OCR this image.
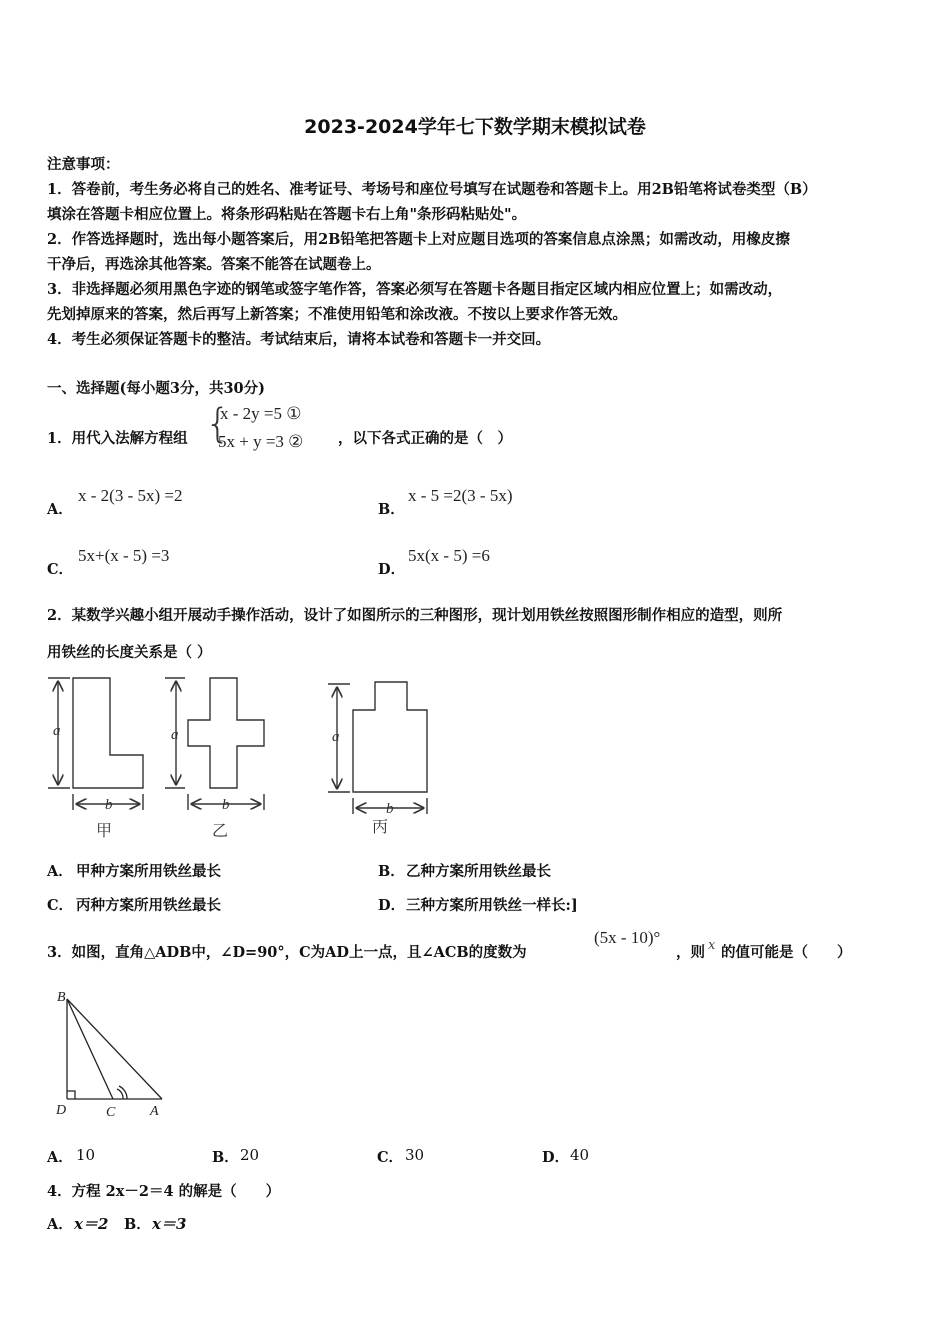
2023-2024学年七下数学期末模拟试卷
注意事项：
1．答卷前，考生务必将自己的姓名、准考证号、考场号和座位号填写在试题卷和答题卡上。用2B铅笔将试卷类型（B）
填涂在答题卡相应位置上。将条形码粘贴在答题卡右上角"条形码粘贴处"。
2．作答选择题时，选出每小题答案后，用2B铅笔把答题卡上对应题目选项的答案信息点涂黑；如需改动，用橡皮擦
干净后，再选涂其他答案。答案不能答在试题卷上。
3．非选择题必须用黑色字迹的钢笔或签字笔作答，答案必须写在答题卡各题目指定区域内相应位置上；如需改动，
先划掉原来的答案，然后再写上新答案；不准使用铅笔和涂改液。不按以上要求作答无效。
4．考生必须保证答题卡的整洁。考试结束后，请将本试卷和答题卡一并交回。
一、选择题(每小题3分，共30分)
1．用代入法解方程组 {
x - 2y =5 ①
5x + y =3 ② ，以下各式正确的是（　）
A．
x - 2(3 - 5x) =2
B．
x - 5 =2(3 - 5x)
C．
5x+(x - 5) =3
D．
5x(x - 5) =6
2．某数学兴趣小组开展动手操作活动，设计了如图所示的三种图形，现计划用铁丝按照图形制作相应的造型，则所
用铁丝的长度关系是（ ）
a	a	a
b	b	b
甲	乙	丙
A． 甲种方案所用铁丝最长	B． 乙种方案所用铁丝最长
C． 丙种方案所用铁丝最长	D． 三种方案所用铁丝一样长:]
3．如图，直角△ADB中，∠D=90°，C为AD上一点，且∠ACB的度数为
(5x - 10)°
，则 x 的值可能是（　　）
B
D	C A
A． 10	B． 20	C． 30	D． 40
4．方程 2x－2＝4 的解是（　　）
A． x＝2 B． x＝3
